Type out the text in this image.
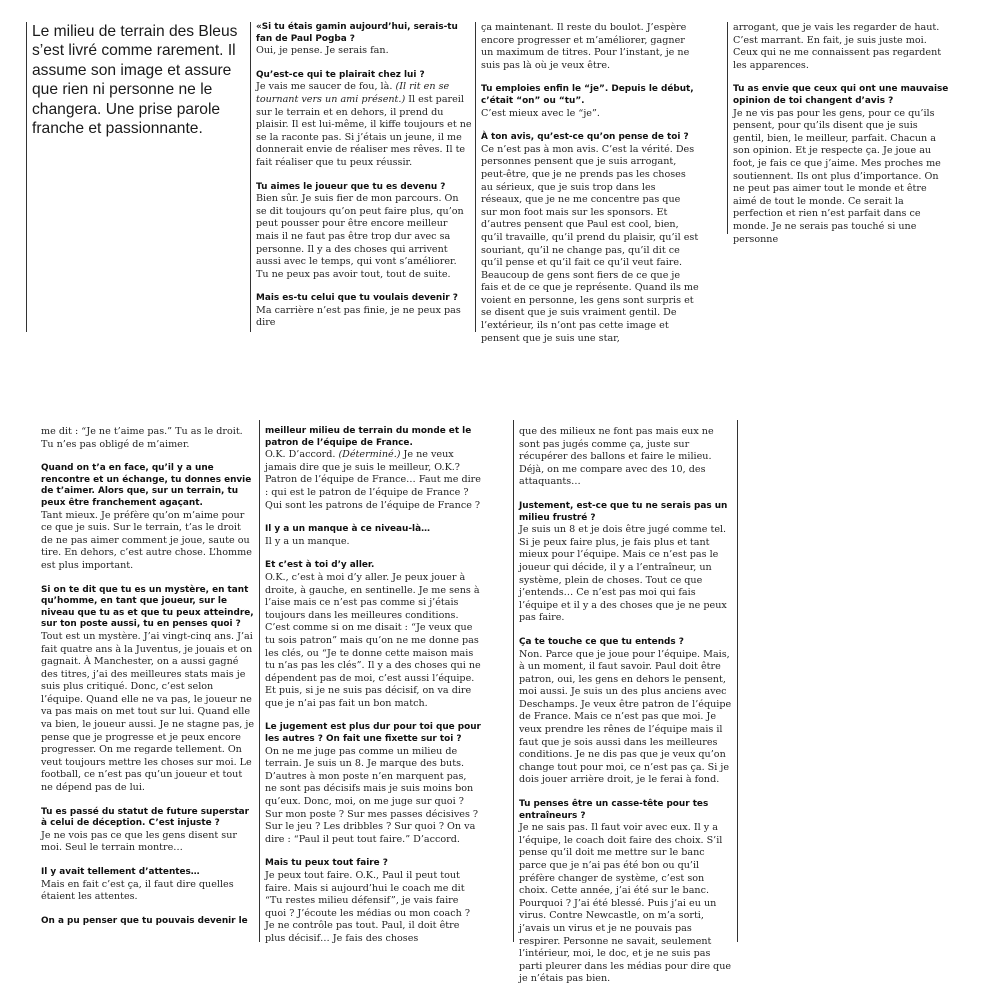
Le milieu de terrain des Bleus s’est livré comme rarement. Il assume son image et assure que rien ni personne ne le changera. Une prise parole franche et passionnante.
«Si tu étais gamin aujourd’hui, serais-tu fan de Paul Pogba ?
Oui, je pense. Je serais fan.
Qu’est-ce qui te plairait chez lui ?
Je vais me saucer de fou, là. (Il rit en se tournant vers un ami présent.) Il est pareil sur le terrain et en dehors, il prend du plaisir. Il est lui-même, il kiffe toujours et ne se la raconte pas. Si j’étais un jeune, il me donnerait envie de réaliser mes rêves. Il te fait réaliser que tu peux réussir.
Tu aimes le joueur que tu es devenu ?
Bien sûr. Je suis fier de mon parcours. On se dit toujours qu’on peut faire plus, qu’on peut pousser pour être encore meilleur mais il ne faut pas être trop dur avec sa personne. Il y a des choses qui arrivent aussi avec le temps, qui vont s’améliorer. Tu ne peux pas avoir tout, tout de suite.
Mais es-tu celui que tu voulais devenir ?
Ma carrière n’est pas finie, je ne peux pas dire
ça maintenant. Il reste du boulot. J’espère encore progresser et m’améliorer, gagner un maximum de titres. Pour l’instant, je ne suis pas là où je veux être.
Tu emploies enfin le “je”. Depuis le début, c’était “on” ou “tu”.
C’est mieux avec le “je”.
À ton avis, qu’est-ce qu’on pense de toi ?
Ce n’est pas à mon avis. C’est la vérité. Des personnes pensent que je suis arrogant, peut-être, que je ne prends pas les choses au sérieux, que je suis trop dans les réseaux, que je ne me concentre pas que sur mon foot mais sur les sponsors. Et d’autres pensent que Paul est cool, bien, qu’il travaille, qu’il prend du plaisir, qu’il est souriant, qu’il ne change pas, qu’il dit ce qu’il pense et qu’il fait ce qu’il veut faire. Beaucoup de gens sont fiers de ce que je fais et de ce que je représente. Quand ils me voient en personne, les gens sont surpris et se disent que je suis vraiment gentil. De l’extérieur, ils n’ont pas cette image et pensent que je suis une star,
arrogant, que je vais les regarder de haut. C’est marrant. En fait, je suis juste moi. Ceux qui ne me connaissent pas regardent les apparences.
Tu as envie que ceux qui ont une mauvaise opinion de toi changent d’avis ?
Je ne vis pas pour les gens, pour ce qu’ils pensent, pour qu’ils disent que je suis gentil, bien, le meilleur, parfait. Chacun a son opinion. Et je respecte ça. Je joue au foot, je fais ce que j’aime. Mes proches me soutiennent. Ils ont plus d’importance. On ne peut pas aimer tout le monde et être aimé de tout le monde. Ce serait la perfection et rien n’est parfait dans ce monde. Je ne serais pas touché si une personne
me dit : “Je ne t’aime pas.” Tu as le droit. Tu n’es pas obligé de m’aimer.
Quand on t’a en face, qu’il y a une rencontre et un échange, tu donnes envie de t’aimer. Alors que, sur un terrain, tu peux être franchement agaçant.
Tant mieux. Je préfère qu’on m’aime pour ce que je suis. Sur le terrain, t’as le droit de ne pas aimer comment je joue, saute ou tire. En dehors, c’est autre chose. L’homme est plus important.
Si on te dit que tu es un mystère, en tant qu’homme, en tant que joueur, sur le niveau que tu as et que tu peux atteindre, sur ton poste aussi, tu en penses quoi ?
Tout est un mystère. J’ai vingt-cinq ans. J’ai fait quatre ans à la Juventus, je jouais et on gagnait. À Manchester, on a aussi gagné des titres, j’ai des meilleures stats mais je suis plus critiqué. Donc, c’est selon l’équipe. Quand elle ne va pas, le joueur ne va pas mais on met tout sur lui. Quand elle va bien, le joueur aussi. Je ne stagne pas, je pense que je progresse et je peux encore progresser. On me regarde tellement. On veut toujours mettre les choses sur moi. Le football, ce n’est pas qu’un joueur et tout ne dépend pas de lui.
Tu es passé du statut de future superstar à celui de déception. C’est injuste ?
Je ne vois pas ce que les gens disent sur moi. Seul le terrain montre…
Il y avait tellement d’attentes…
Mais en fait c’est ça, il faut dire quelles étaient les attentes.
On a pu penser que tu pouvais devenir le
meilleur milieu de terrain du monde et le patron de l’équipe de France.
O.K. D’accord. (Déterminé.) Je ne veux jamais dire que je suis le meilleur, O.K.? Patron de l’équipe de France… Faut me dire : qui est le patron de l’équipe de France ? Qui sont les patrons de l’équipe de France ?
Il y a un manque à ce niveau-là…
Il y a un manque.
Et c’est à toi d’y aller.
O.K., c’est à moi d’y aller. Je peux jouer à droite, à gauche, en sentinelle. Je me sens à l’aise mais ce n’est pas comme si j’étais toujours dans les meilleures conditions. C’est comme si on me disait : “Je veux que tu sois patron” mais qu’on ne me donne pas les clés, ou “Je te donne cette maison mais tu n’as pas les clés”. Il y a des choses qui ne dépendent pas de moi, c’est aussi l’équipe. Et puis, si je ne suis pas décisif, on va dire que je n’ai pas fait un bon match.
Le jugement est plus dur pour toi que pour les autres ? On fait une fixette sur toi ?
On ne me juge pas comme un milieu de terrain. Je suis un 8. Je marque des buts. D’autres à mon poste n’en marquent pas, ne sont pas décisifs mais je suis moins bon qu’eux. Donc, moi, on me juge sur quoi ? Sur mon poste ? Sur mes passes décisives ? Sur le jeu ? Les dribbles ? Sur quoi ? On va dire : “Paul il peut tout faire.” D’accord.
Mais tu peux tout faire ?
Je peux tout faire. O.K., Paul il peut tout faire. Mais si aujourd’hui le coach me dit “Tu restes milieu défensif”, je vais faire quoi ? J’écoute les médias ou mon coach ? Je ne contrôle pas tout. Paul, il doit être plus décisif… Je fais des choses
que des milieux ne font pas mais eux ne sont pas jugés comme ça, juste sur récupérer des ballons et faire le milieu. Déjà, on me compare avec des 10, des attaquants…
Justement, est-ce que tu ne serais pas un milieu frustré ?
Je suis un 8 et je dois être jugé comme tel. Si je peux faire plus, je fais plus et tant mieux pour l’équipe. Mais ce n’est pas le joueur qui décide, il y a l’entraîneur, un système, plein de choses. Tout ce que j’entends… Ce n’est pas moi qui fais l’équipe et il y a des choses que je ne peux pas faire.
Ça te touche ce que tu entends ?
Non. Parce que je joue pour l’équipe. Mais, à un moment, il faut savoir. Paul doit être patron, oui, les gens en dehors le pensent, moi aussi. Je suis un des plus anciens avec Deschamps. Je veux être patron de l’équipe de France. Mais ce n’est pas que moi. Je veux prendre les rênes de l’équipe mais il faut que je sois aussi dans les meilleures conditions. Je ne dis pas que je veux qu’on change tout pour moi, ce n’est pas ça. Si je dois jouer arrière droit, je le ferai à fond.
Tu penses être un casse-tête pour tes entraîneurs ?
Je ne sais pas. Il faut voir avec eux. Il y a l’équipe, le coach doit faire des choix. S’il pense qu’il doit me mettre sur le banc parce que je n’ai pas été bon ou qu’il préfère changer de système, c’est son choix. Cette année, j’ai été sur le banc. Pourquoi ? J’ai été blessé. Puis j’ai eu un virus. Contre Newcastle, on m’a sorti, j’avais un virus et je ne pouvais pas respirer. Personne ne savait, seulement l’intérieur, moi, le doc, et je ne suis pas parti pleurer dans les médias pour dire que je n’étais pas bien.
